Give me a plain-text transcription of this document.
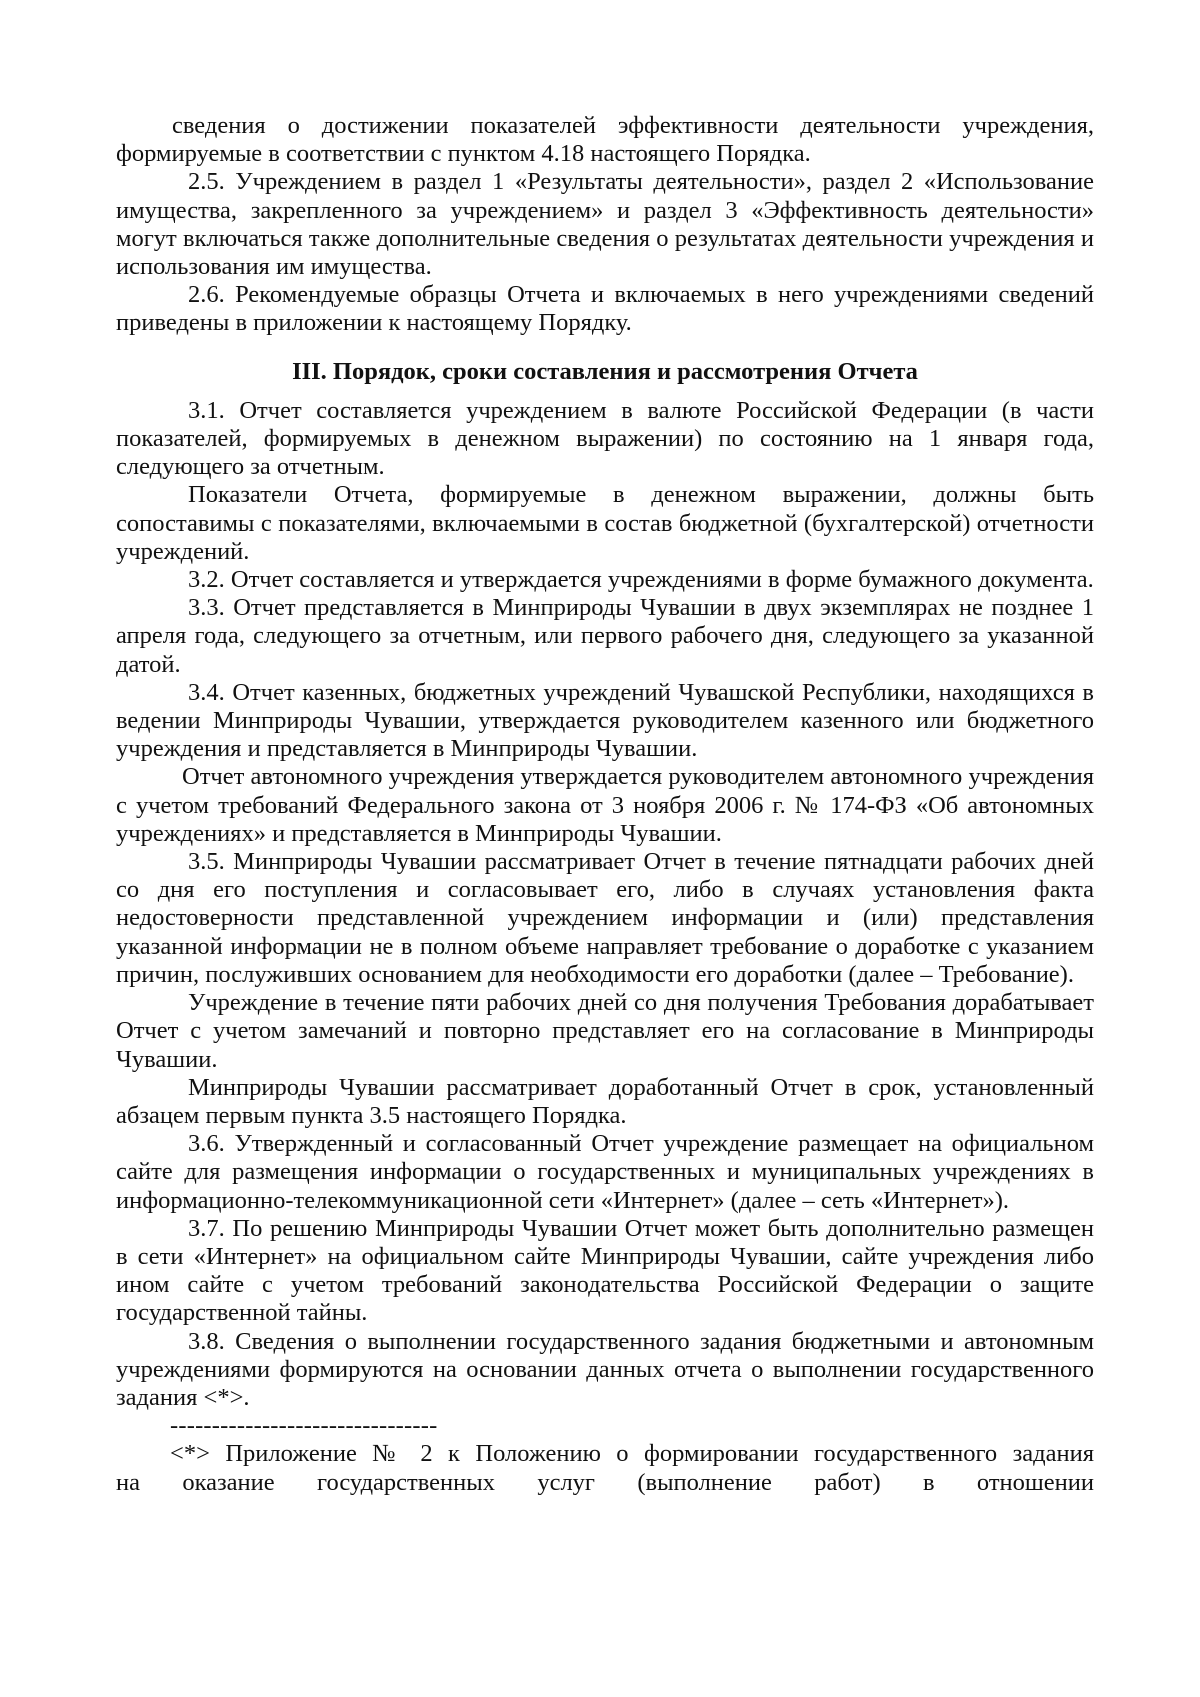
сведения о достижении показателей эффективности деятельности учреждения, формируемые в соответствии с пунктом 4.18 настоящего Порядка.

2.5. Учреждением в раздел 1 «Результаты деятельности», раздел 2 «Использование имущества, закрепленного за учреждением» и раздел 3 «Эффективность деятельности» могут включаться также дополнительные сведения о результатах деятельности учреждения и использования им имущества.

2.6. Рекомендуемые образцы Отчета и включаемых в него учреждениями сведений приведены в приложении к настоящему Порядку.

III. Порядок, сроки составления и рассмотрения Отчета

3.1. Отчет составляется учреждением в валюте Российской Федерации (в части показателей, формируемых в денежном выражении) по состоянию на 1 января года, следующего за отчетным.

Показатели Отчета, формируемые в денежном выражении, должны быть сопоставимы с показателями, включаемыми в состав бюджетной (бухгалтерской) отчетности учреждений.

3.2. Отчет составляется и утверждается учреждениями в форме бумажного документа.

3.3. Отчет представляется в Минприроды Чувашии в двух экземплярах не позднее 1 апреля года, следующего за отчетным, или первого рабочего дня, следующего за указанной датой.

3.4. Отчет казенных, бюджетных учреждений Чувашской Республики, находящихся в ведении Минприроды Чувашии, утверждается руководителем казенного или бюджетного учреждения и представляется в Минприроды Чувашии.

Отчет автономного учреждения утверждается руководителем автономного учреждения с учетом требований Федерального закона от 3 ноября 2006 г. № 174-ФЗ «Об автономных учреждениях» и представляется в Минприроды Чувашии.

3.5. Минприроды Чувашии рассматривает Отчет в течение пятнадцати рабочих дней со дня его поступления и согласовывает его, либо в случаях установления факта недостоверности представленной учреждением информации и (или) представления указанной информации не в полном объеме направляет требование о доработке с указанием причин, послуживших основанием для необходимости его доработки (далее – Требование).

Учреждение в течение пяти рабочих дней со дня получения Требования дорабатывает Отчет с учетом замечаний и повторно представляет его на согласование в Минприроды Чувашии.

Минприроды Чувашии рассматривает доработанный Отчет в срок, установленный абзацем первым пункта 3.5 настоящего Порядка.

3.6. Утвержденный и согласованный Отчет учреждение размещает на официальном сайте для размещения информации о государственных и муниципальных учреждениях в информационно-телекоммуникационной сети «Интернет» (далее – сеть «Интернет»).

3.7. По решению Минприроды Чувашии Отчет может быть дополнительно размещен в сети «Интернет» на официальном сайте Минприроды Чувашии, сайте учреждения либо ином сайте с учетом требований законодательства Российской Федерации о защите государственной тайны.

3.8. Сведения о выполнении государственного задания бюджетными и автономным учреждениями формируются на основании данных отчета о выполнении государственного задания <*>.

--------------------------------

<*> Приложение № 2 к Положению о формировании государственного задания

на оказание государственных услуг (выполнение работ) в отношении
